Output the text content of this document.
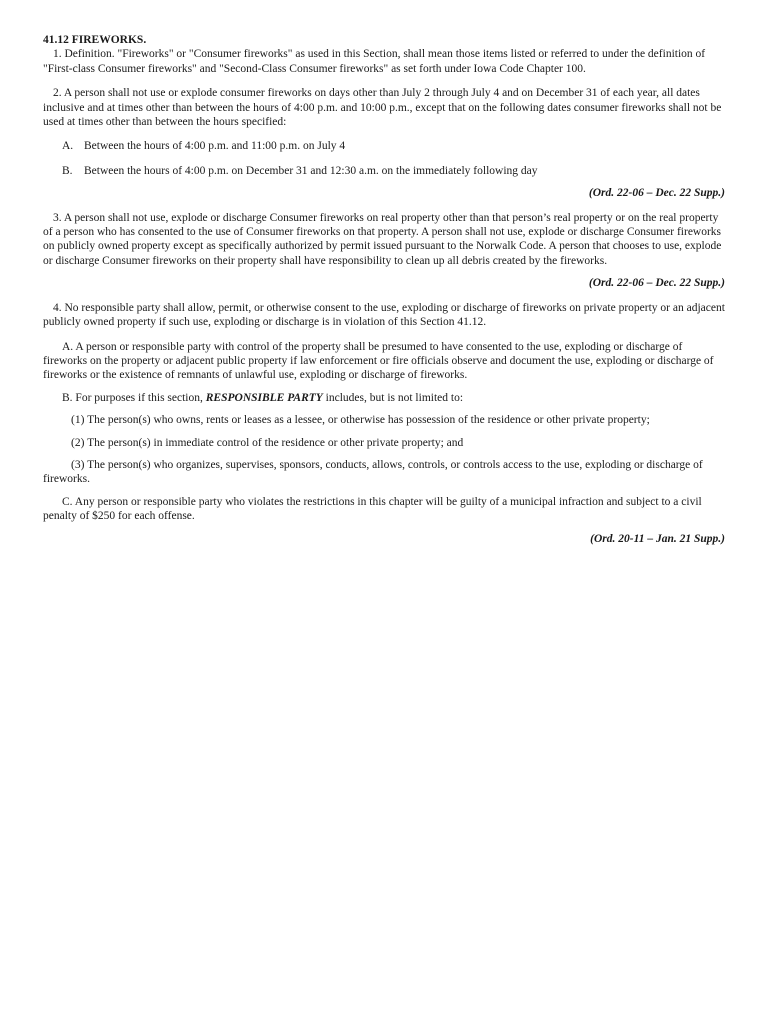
41.12 FIREWORKS.

1. Definition. "Fireworks" or "Consumer fireworks" as used in this Section, shall mean those items listed or referred to under the definition of "First-class Consumer fireworks" and "Second-Class Consumer fireworks" as set forth under Iowa Code Chapter 100.

2. A person shall not use or explode consumer fireworks on days other than July 2 through July 4 and on December 31 of each year, all dates inclusive and at times other than between the hours of 4:00 p.m. and 10:00 p.m., except that on the following dates consumer fireworks shall not be used at times other than between the hours specified:

A. Between the hours of 4:00 p.m. and 11:00 p.m. on July 4

B. Between the hours of 4:00 p.m. on December 31 and 12:30 a.m. on the immediately following day

(Ord. 22-06 – Dec. 22 Supp.)

3. A person shall not use, explode or discharge Consumer fireworks on real property other than that person’s real property or on the real property of a person who has consented to the use of Consumer fireworks on that property. A person shall not use, explode or discharge Consumer fireworks on publicly owned property except as specifically authorized by permit issued pursuant to the Norwalk Code. A person that chooses to use, explode or discharge Consumer fireworks on their property shall have responsibility to clean up all debris created by the fireworks.

(Ord. 22-06 – Dec. 22 Supp.)

4. No responsible party shall allow, permit, or otherwise consent to the use, exploding or discharge of fireworks on private property or an adjacent publicly owned property if such use, exploding or discharge is in violation of this Section 41.12.

A. A person or responsible party with control of the property shall be presumed to have consented to the use, exploding or discharge of fireworks on the property or adjacent public property if law enforcement or fire officials observe and document the use, exploding or discharge of fireworks or the existence of remnants of unlawful use, exploding or discharge of fireworks.

B. For purposes if this section, RESPONSIBLE PARTY includes, but is not limited to:

(1) The person(s) who owns, rents or leases as a lessee, or otherwise has possession of the residence or other private property;

(2) The person(s) in immediate control of the residence or other private property; and

(3) The person(s) who organizes, supervises, sponsors, conducts, allows, controls, or controls access to the use, exploding or discharge of fireworks.

C. Any person or responsible party who violates the restrictions in this chapter will be guilty of a municipal infraction and subject to a civil penalty of $250 for each offense.

(Ord. 20-11 – Jan. 21 Supp.)
